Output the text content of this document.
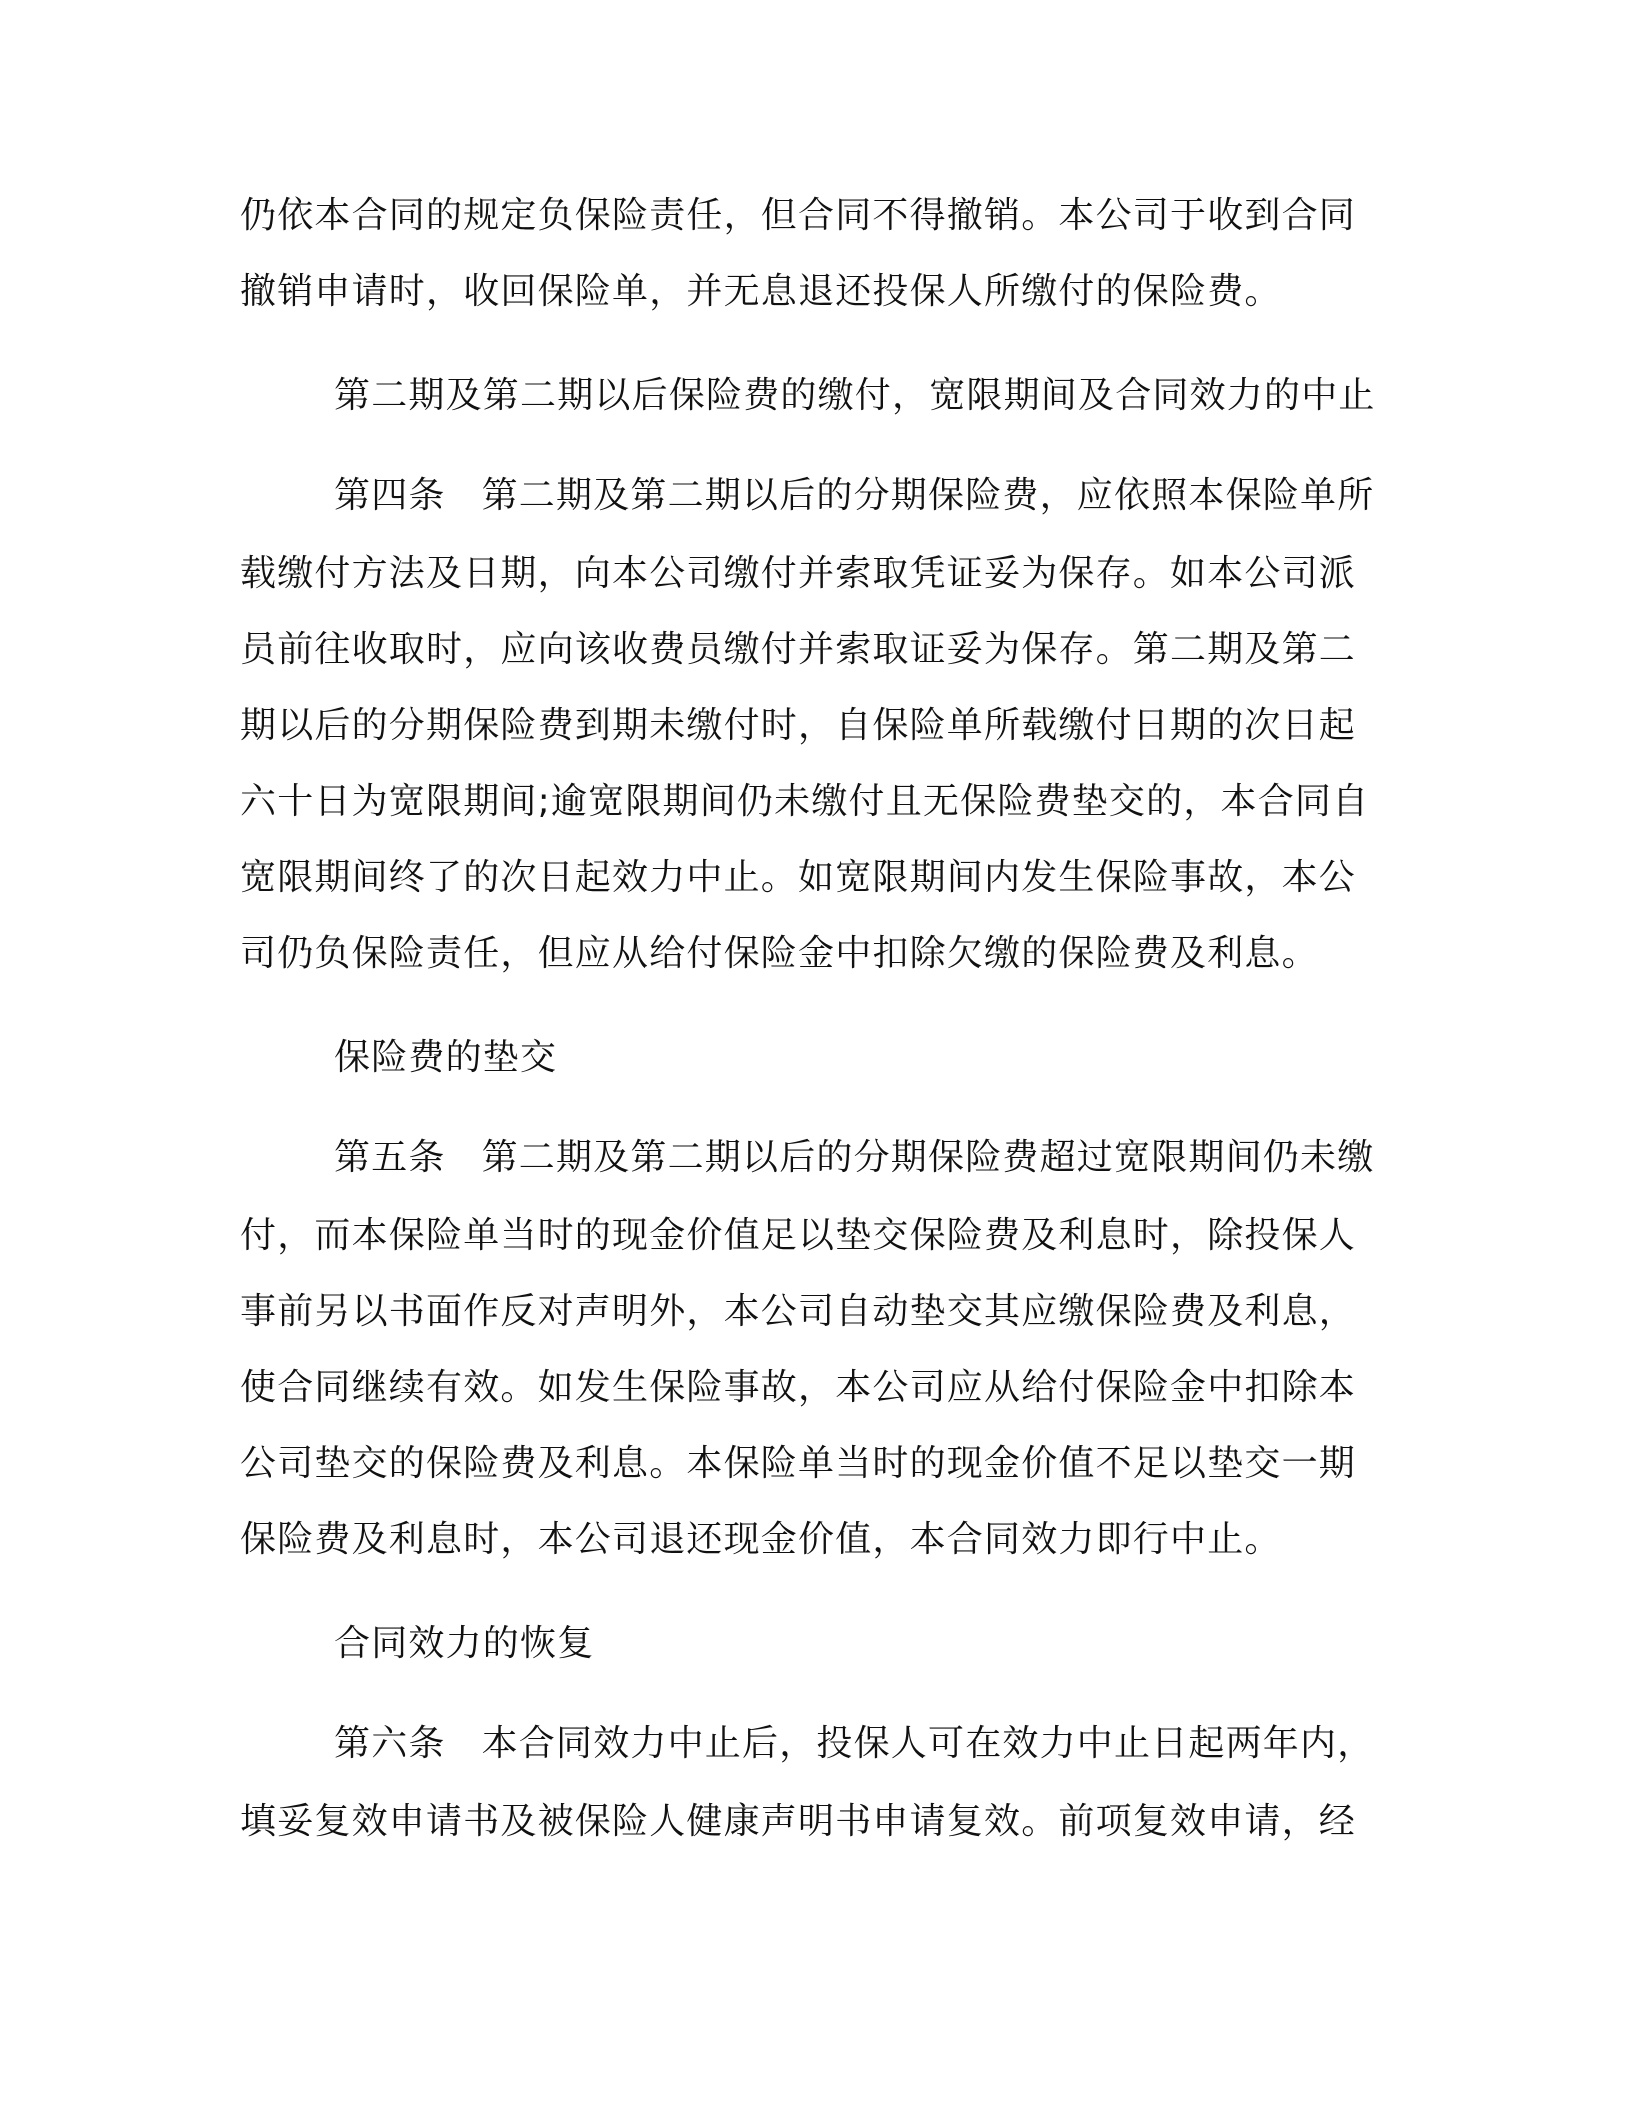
仍依本合同的规定负保险责任，但合同不得撤销。本公司于收到合同
撤销申请时，收回保险单，并无息退还投保人所缴付的保险费。
第二期及第二期以后保险费的缴付，宽限期间及合同效力的中止
第四条 第二期及第二期以后的分期保险费，应依照本保险单所
载缴付方法及日期，向本公司缴付并索取凭证妥为保存。如本公司派
员前往收取时，应向该收费员缴付并索取证妥为保存。第二期及第二
期以后的分期保险费到期未缴付时，自保险单所载缴付日期的次日起
六十日为宽限期间;逾宽限期间仍未缴付且无保险费垫交的，本合同自
宽限期间终了的次日起效力中止。如宽限期间内发生保险事故，本公
司仍负保险责任，但应从给付保险金中扣除欠缴的保险费及利息。
保险费的垫交
第五条 第二期及第二期以后的分期保险费超过宽限期间仍未缴
付，而本保险单当时的现金价值足以垫交保险费及利息时，除投保人
事前另以书面作反对声明外，本公司自动垫交其应缴保险费及利息，
使合同继续有效。如发生保险事故，本公司应从给付保险金中扣除本
公司垫交的保险费及利息。本保险单当时的现金价值不足以垫交一期
保险费及利息时，本公司退还现金价值，本合同效力即行中止。
合同效力的恢复
第六条 本合同效力中止后，投保人可在效力中止日起两年内，
填妥复效申请书及被保险人健康声明书申请复效。前项复效申请，经
